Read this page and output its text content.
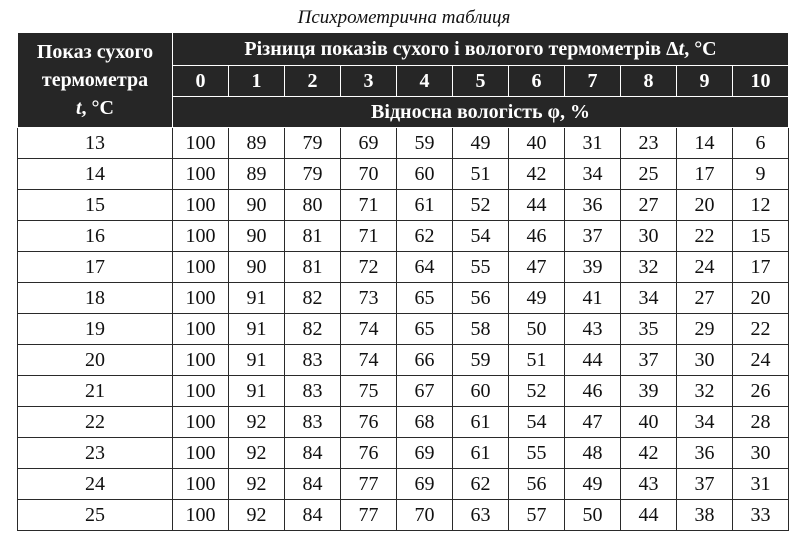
Психрометрична таблиця
Показ сухого
термометра
t, °C	Різниця показів сухого і вологого термометрів Δt, °C										
	0	1	2	3	4	5	6	7	8	9	10
	Відносна вологість φ, %										
13	100	89	79	69	59	49	40	31	23	14	6
14	100	89	79	70	60	51	42	34	25	17	9
15	100	90	80	71	61	52	44	36	27	20	12
16	100	90	81	71	62	54	46	37	30	22	15
17	100	90	81	72	64	55	47	39	32	24	17
18	100	91	82	73	65	56	49	41	34	27	20
19	100	91	82	74	65	58	50	43	35	29	22
20	100	91	83	74	66	59	51	44	37	30	24
21	100	91	83	75	67	60	52	46	39	32	26
22	100	92	83	76	68	61	54	47	40	34	28
23	100	92	84	76	69	61	55	48	42	36	30
24	100	92	84	77	69	62	56	49	43	37	31
25	100	92	84	77	70	63	57	50	44	38	33
